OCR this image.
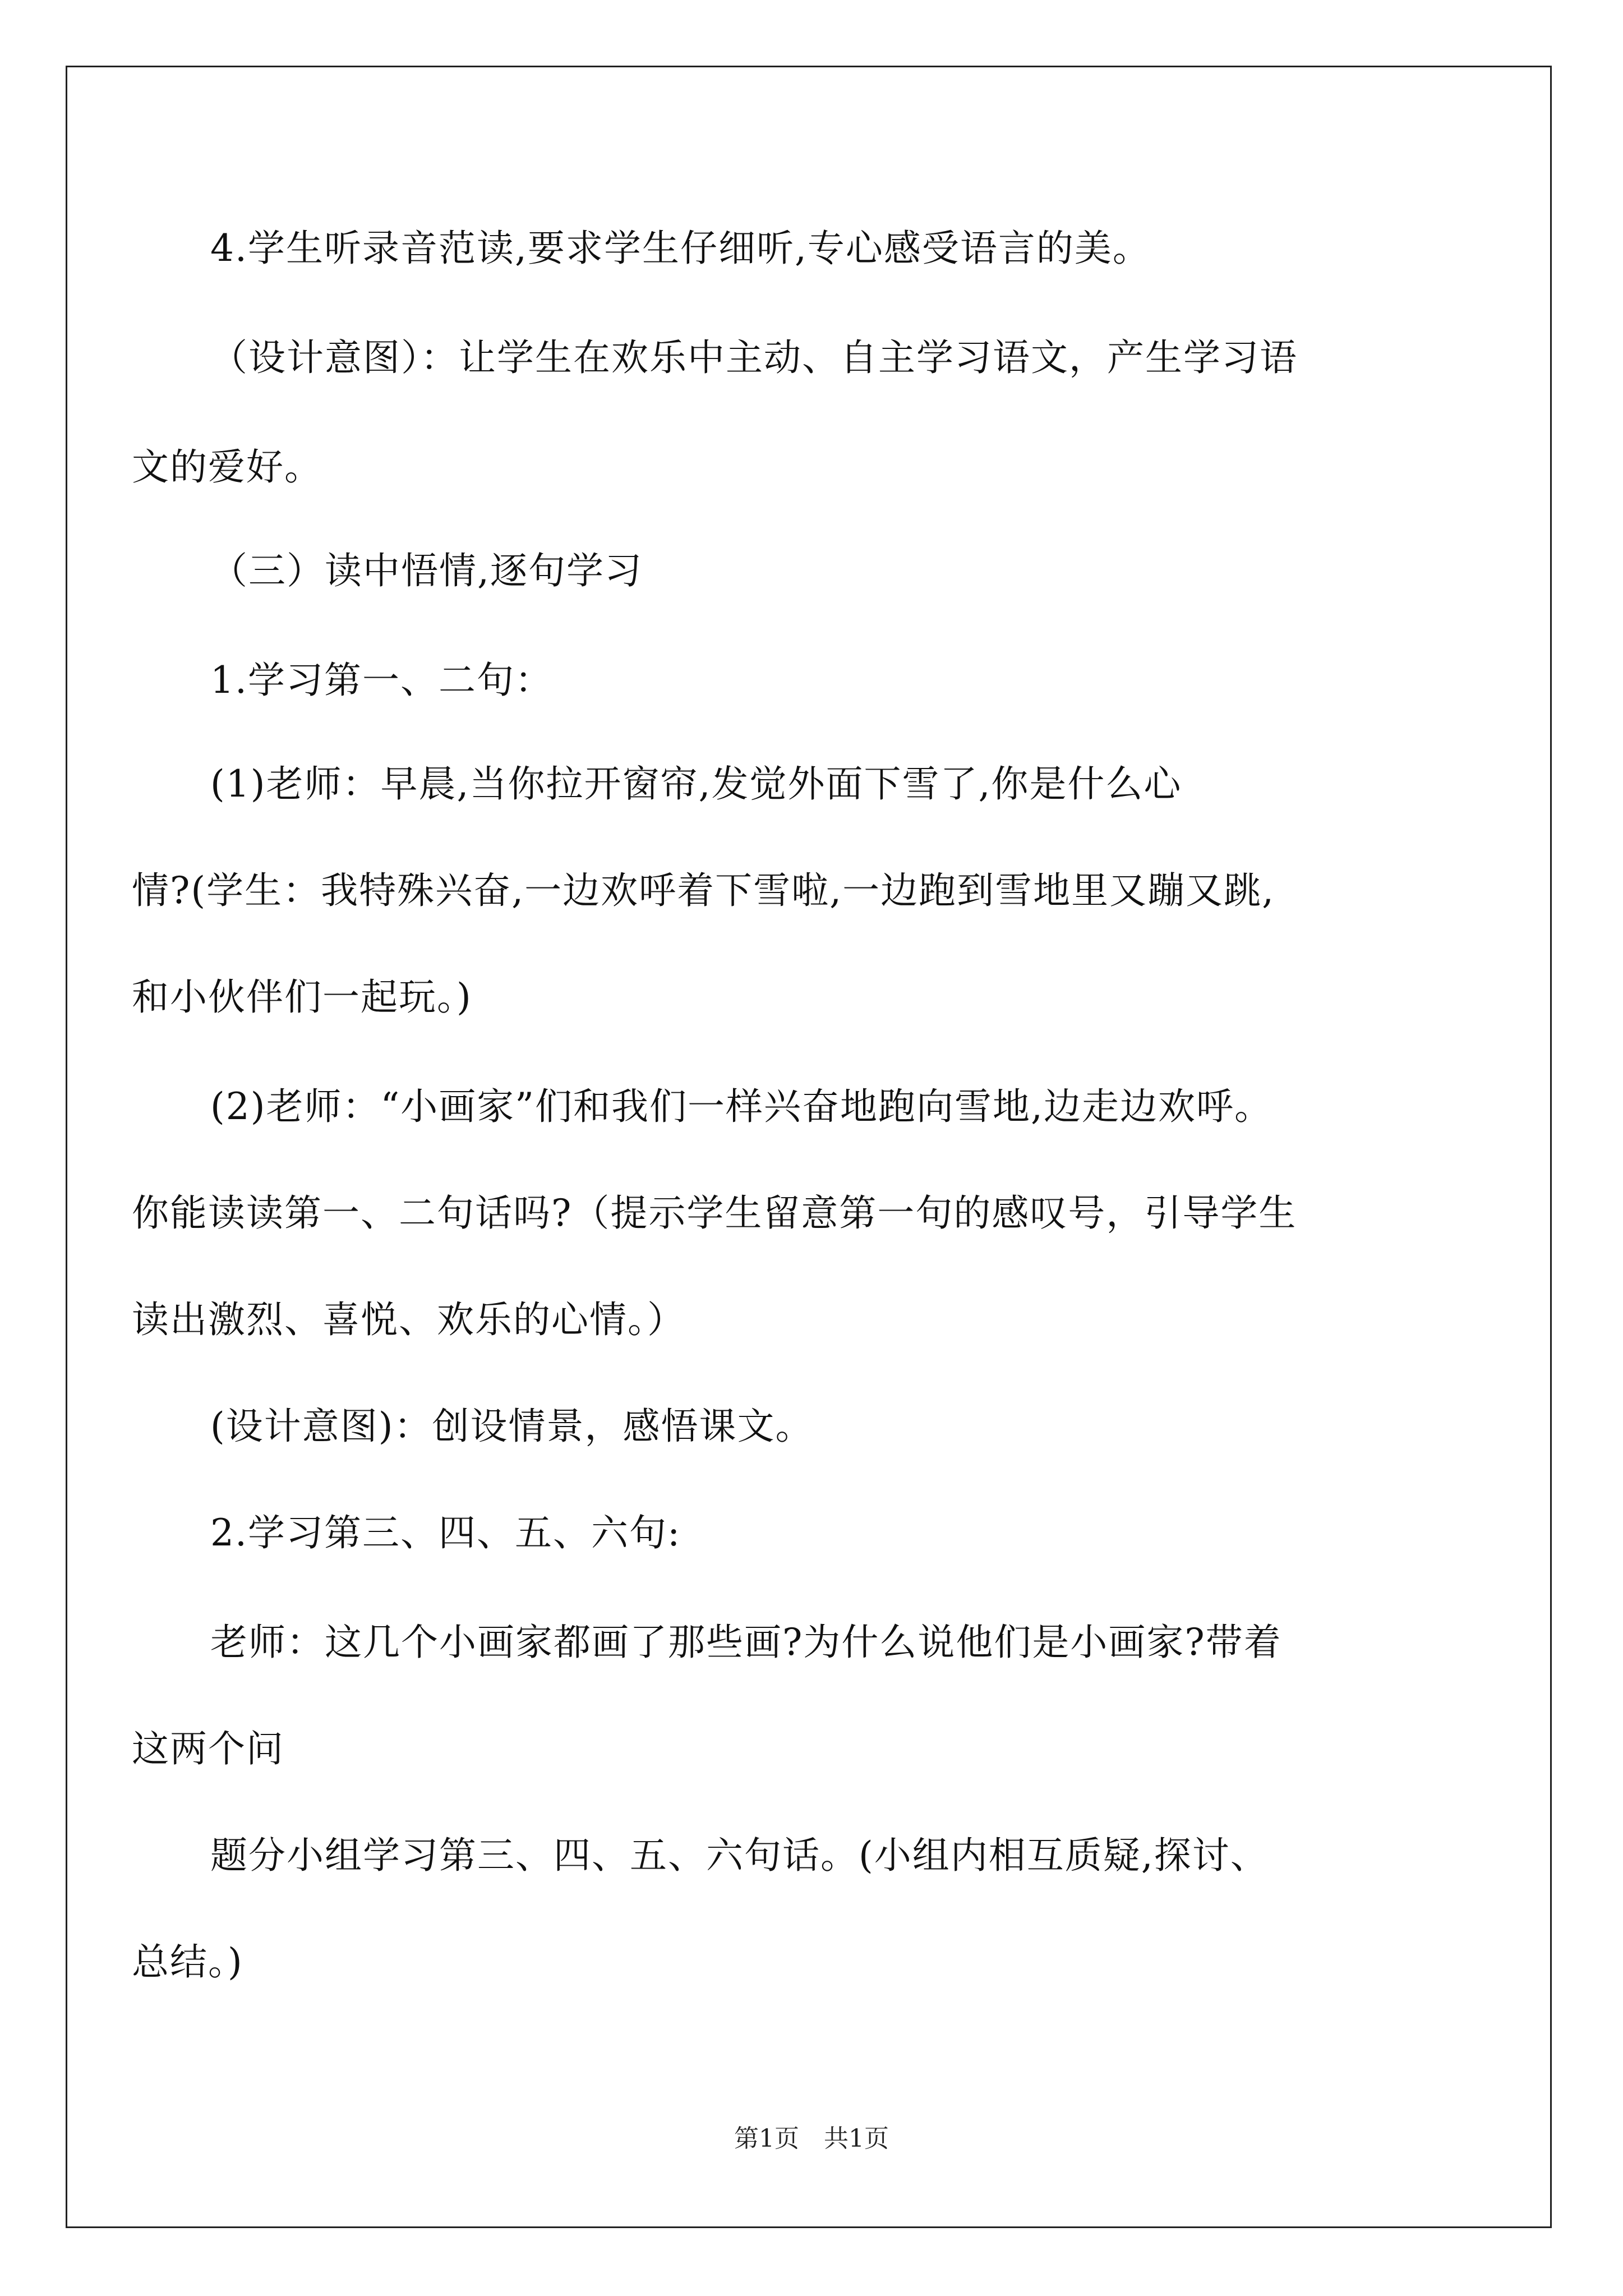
4.学生听录音范读,要求学生仔细听,专心感受语言的美。
（设计意图）：让学生在欢乐中主动、自主学习语文，产生学习语
文的爱好。
（三）读中悟情,逐句学习
1.学习第一、二句：
(1)老师：早晨,当你拉开窗帘,发觉外面下雪了,你是什么心
情?(学生：我特殊兴奋,一边欢呼着下雪啦,一边跑到雪地里又蹦又跳,
和小伙伴们一起玩。)
(2)老师：“小画家”们和我们一样兴奋地跑向雪地,边走边欢呼。
你能读读第一、二句话吗?（提示学生留意第一句的感叹号，引导学生
读出激烈、喜悦、欢乐的心情。）
(设计意图)：创设情景，感悟课文。
2.学习第三、四、五、六句:
老师：这几个小画家都画了那些画?为什么说他们是小画家?带着
这两个问
题分小组学习第三、四、五、六句话。(小组内相互质疑,探讨、
总结。)
第1页　共1页
